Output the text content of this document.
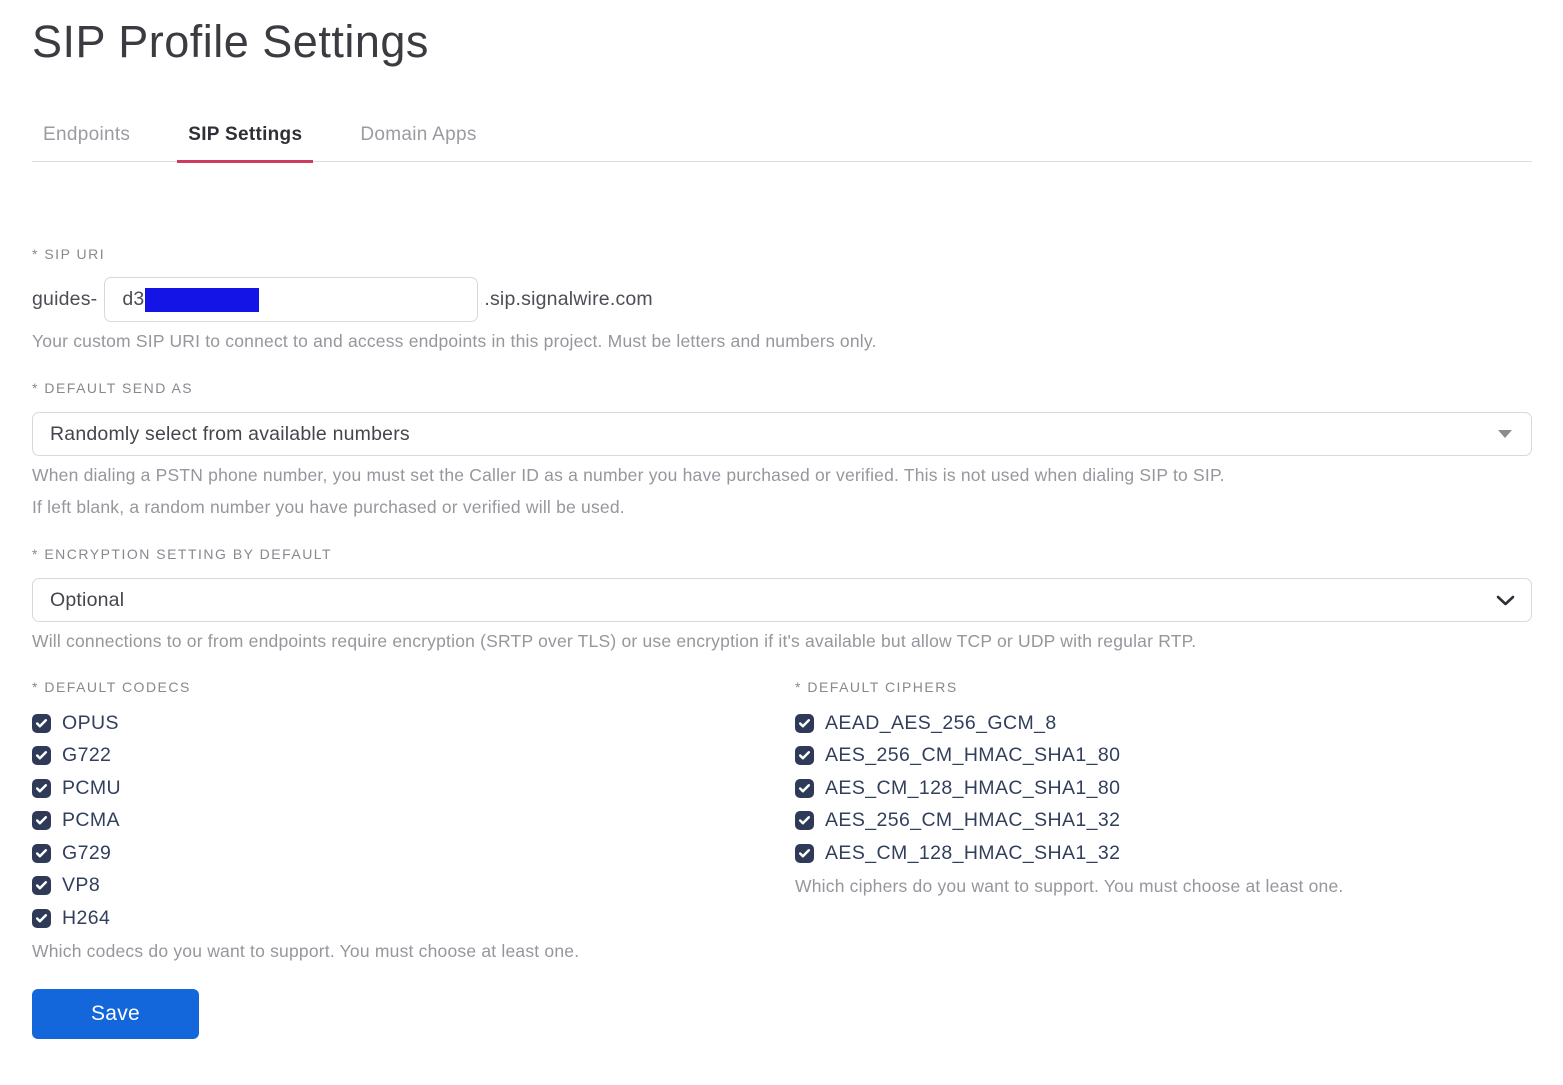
SIP Profile Settings
Endpoints	SIP Settings	Domain Apps
* SIP URI
guides- d3	.sip.signalwire.com
Your custom SIP URI to connect to and access endpoints in this project. Must be letters and numbers only.
* DEFAULT SEND AS
Randomly select from available numbers
When dialing a PSTN phone number, you must set the Caller ID as a number you have purchased or verified. This is not used when dialing SIP to SIP.
If left blank, a random number you have purchased or verified will be used.
* ENCRYPTION SETTING BY DEFAULT
Optional
Will connections to or from endpoints require encryption (SRTP over TLS) or use encryption if it's available but allow TCP or UDP with regular RTP.
* DEFAULT CODECS
OPUS
G722
PCMU
PCMA
G729
VP8
H264
Which codecs do you want to support. You must choose at least one.
Save
* DEFAULT CIPHERS
AEAD_AES_256_GCM_8
AES_256_CM_HMAC_SHA1_80
AES_CM_128_HMAC_SHA1_80
AES_256_CM_HMAC_SHA1_32
AES_CM_128_HMAC_SHA1_32
Which ciphers do you want to support. You must choose at least one.
